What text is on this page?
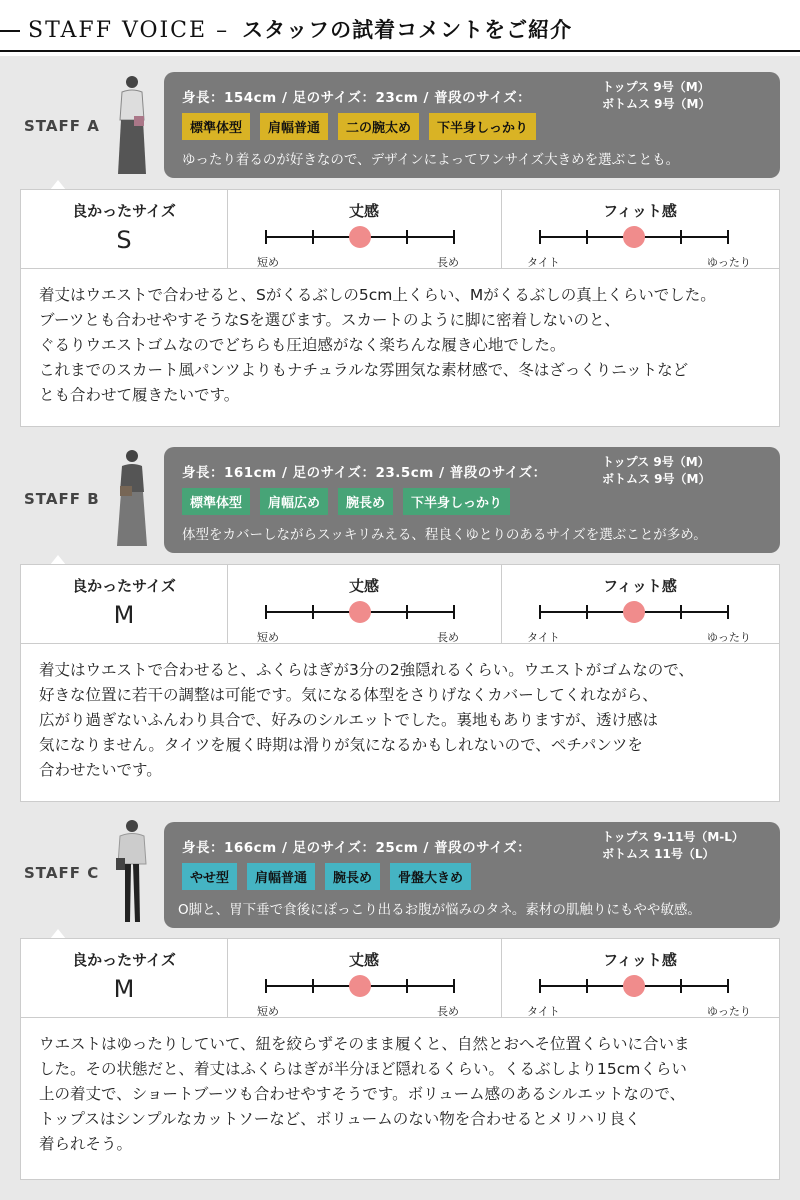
STAFF VOICE – スタッフの試着コメントをご紹介
STAFF A
身長：154cm / 足のサイズ：23cm / 普段のサイズ：
トップス 9号（M）
ボトムス 9号（M）
標準体型	肩幅普通	二の腕太め	下半身しっかり
ゆったり着るのが好きなので、デザインによってワンサイズ大きめを選ぶことも。
良かったサイズ
S
丈感
短め	長め
フィット感
タイト	ゆったり
着丈はウエストで合わせると、Sがくるぶしの5cm上くらい、Mがくるぶしの真上くらいでした。
ブーツとも合わせやすそうなSを選びます。スカートのように脚に密着しないのと、
ぐるりウエストゴムなのでどちらも圧迫感がなく楽ちんな履き心地でした。
これまでのスカート風パンツよりもナチュラルな雰囲気な素材感で、冬はざっくりニットなど
とも合わせて履きたいです。
STAFF B
身長：161cm / 足のサイズ：23.5cm / 普段のサイズ：
トップス 9号（M）
ボトムス 9号（M）
標準体型	肩幅広め	腕長め	下半身しっかり
体型をカバーしながらスッキリみえる、程良くゆとりのあるサイズを選ぶことが多め。
良かったサイズ
M
丈感
短め	長め
フィット感
タイト	ゆったり
着丈はウエストで合わせると、ふくらはぎが3分の2強隠れるくらい。ウエストがゴムなので、
好きな位置に若干の調整は可能です。気になる体型をさりげなくカバーしてくれながら、
広がり過ぎないふんわり具合で、好みのシルエットでした。裏地もありますが、透け感は
気になりません。タイツを履く時期は滑りが気になるかもしれないので、ペチパンツを
合わせたいです。
STAFF C
身長：166cm / 足のサイズ：25cm / 普段のサイズ：
トップス 9-11号（M-L）
ボトムス 11号（L）
やせ型	肩幅普通	腕長め	骨盤大きめ
O脚と、胃下垂で食後にぽっこり出るお腹が悩みのタネ。素材の肌触りにもやや敏感。
良かったサイズ
M
丈感
短め	長め
フィット感
タイト	ゆったり
ウエストはゆったりしていて、紐を絞らずそのまま履くと、自然とおへそ位置くらいに合いま
した。その状態だと、着丈はふくらはぎが半分ほど隠れるくらい。くるぶしより15cmくらい
上の着丈で、ショートブーツも合わせやすそうです。ボリューム感のあるシルエットなので、
トップスはシンプルなカットソーなど、ボリュームのない物を合わせるとメリハリ良く
着られそう。
